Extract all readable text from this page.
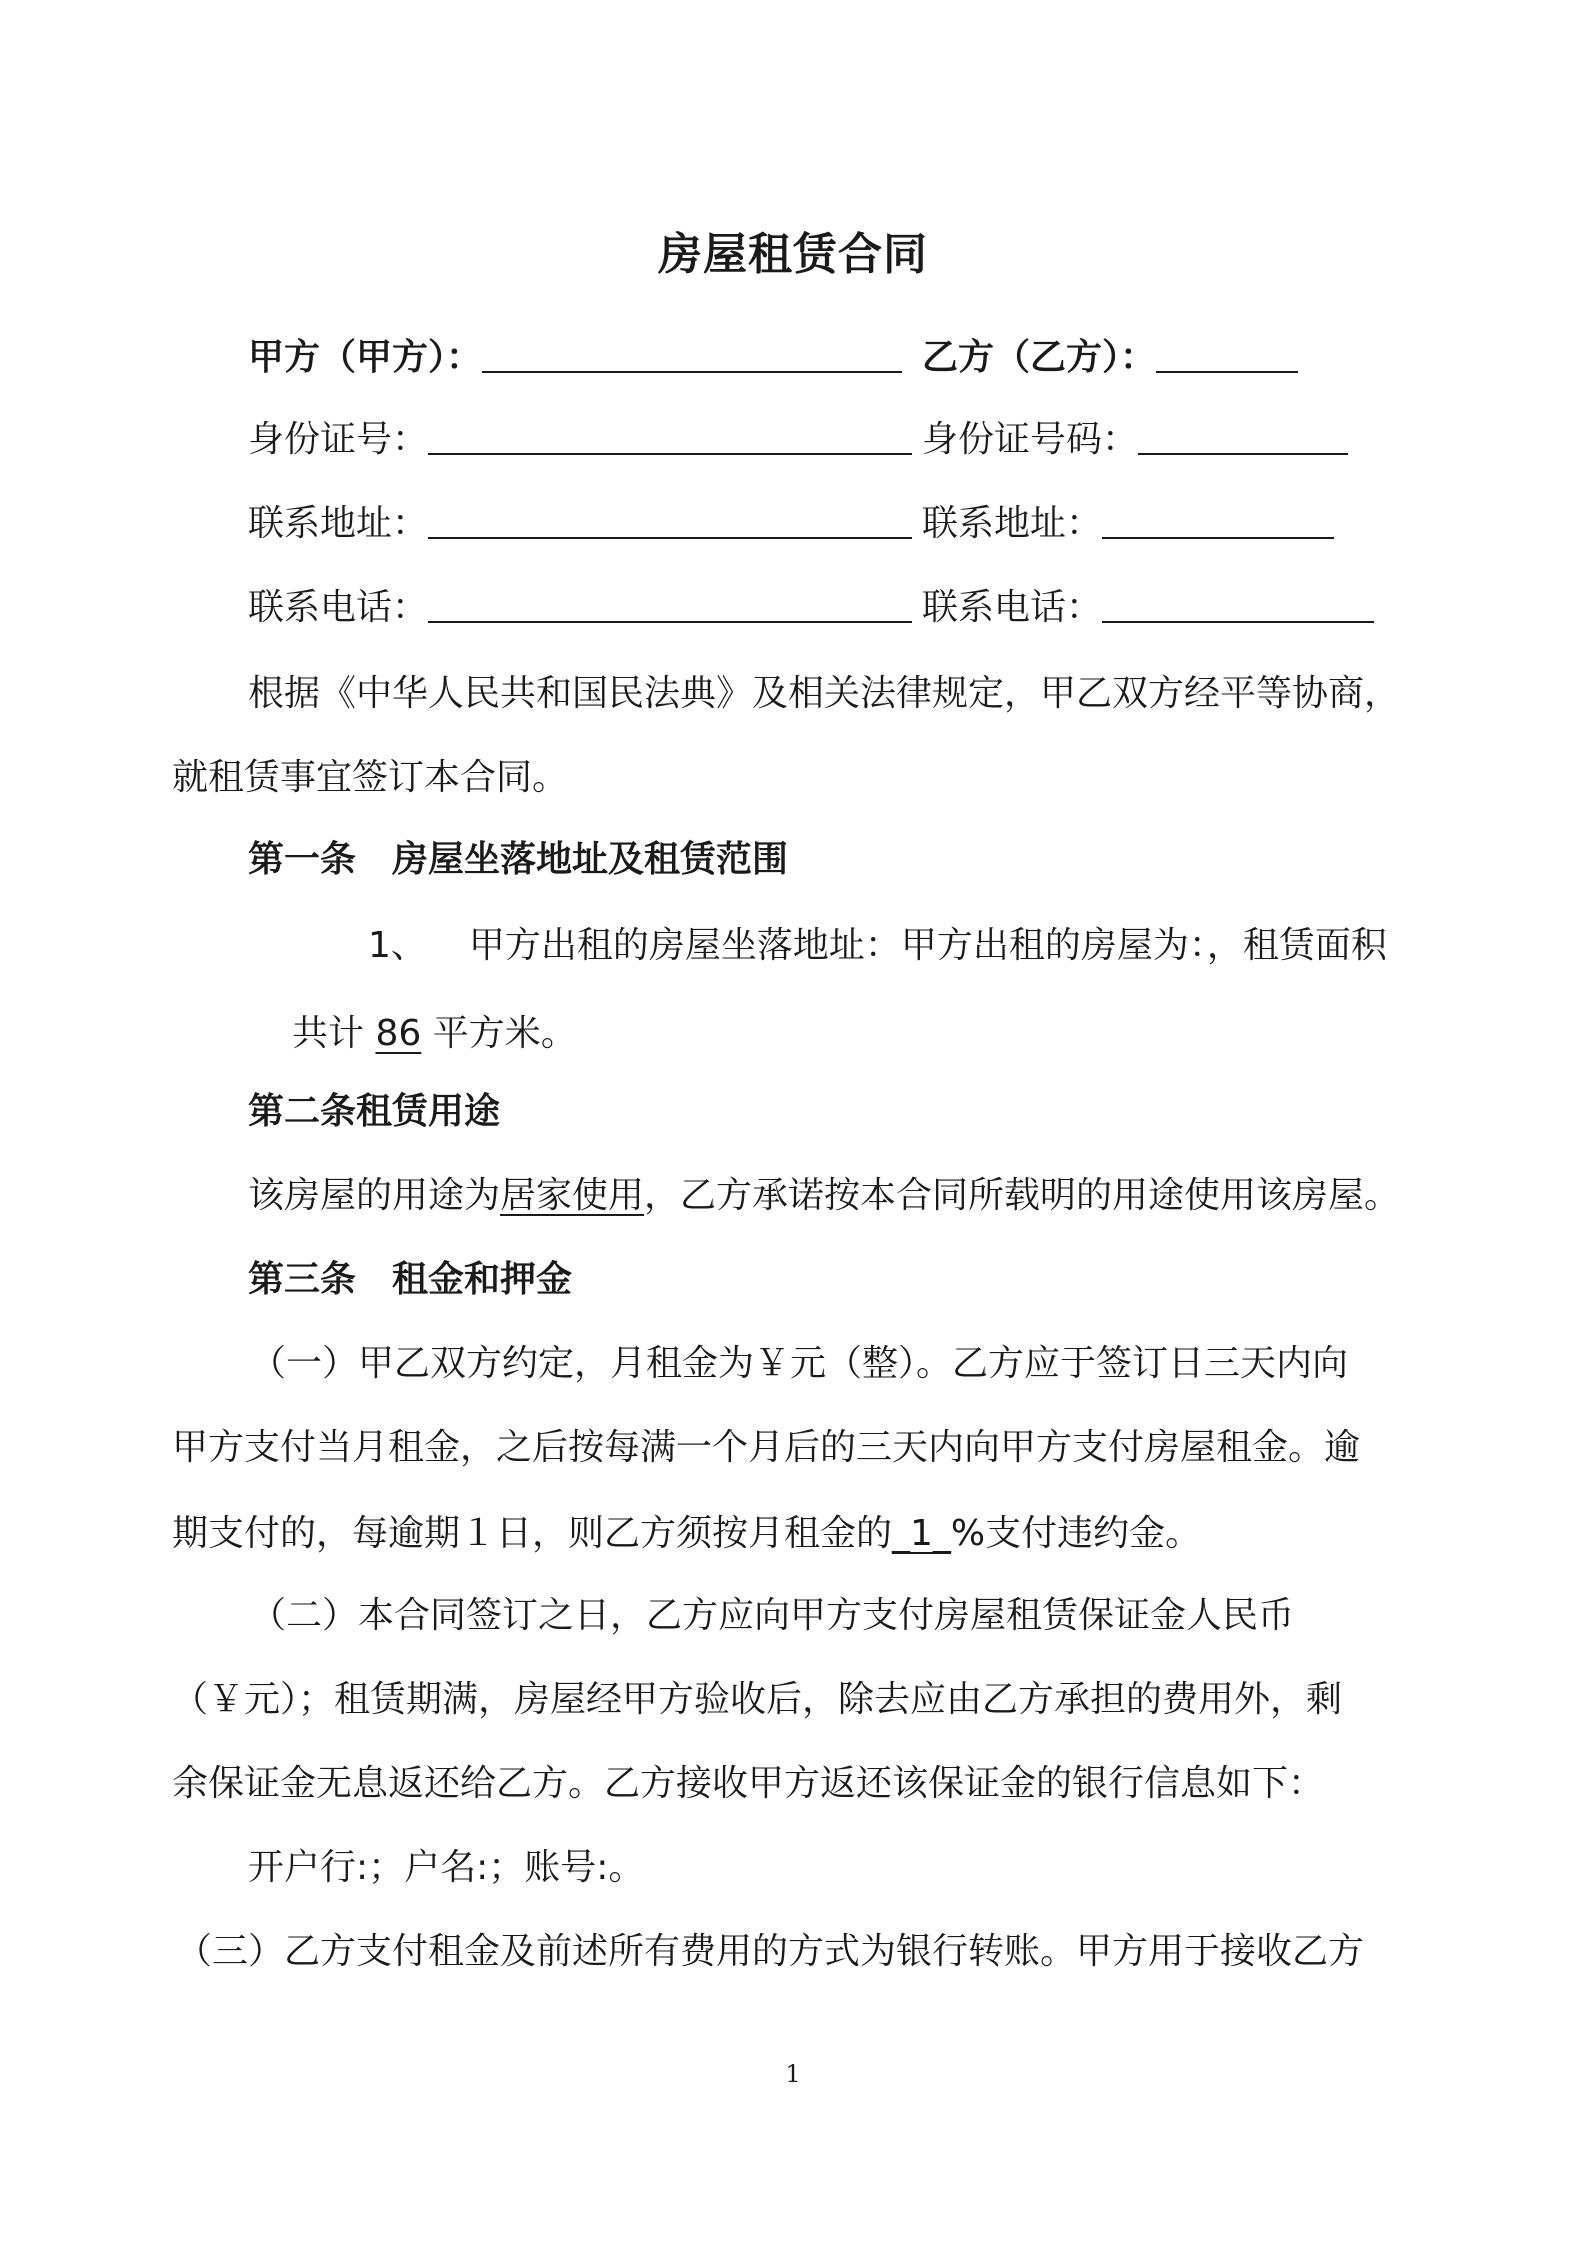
房屋租赁合同
甲方（甲方）：	乙方（乙方）：
身份证号：	身份证号码：
联系地址：	联系地址：
联系电话：	联系电话：

根据《中华人民共和国民法典》及相关法律规定，甲乙双方经平等协商，

就租赁事宜签订本合同。

第一条　房屋坐落地址及租赁范围

1、 甲方出租的房屋坐落地址：甲方出租的房屋为：，租赁面积
共计 86 平方米。

第二条租赁用途

该房屋的用途为居家使用，乙方承诺按本合同所载明的用途使用该房屋。

第三条　租金和押金

（一）甲乙双方约定，月租金为￥元（整）。乙方应于签订日三天内向

甲方支付当月租金，之后按每满一个月后的三天内向甲方支付房屋租金。逾

期支付的，每逾期１日，则乙方须按月租金的_1_%支付违约金。

（二）本合同签订之日，乙方应向甲方支付房屋租赁保证金人民币

（￥元）；租赁期满，房屋经甲方验收后，除去应由乙方承担的费用外，剩

余保证金无息返还给乙方。乙方接收甲方返还该保证金的银行信息如下：

开户行:；户名:；账号:。

（三）乙方支付租金及前述所有费用的方式为银行转账。甲方用于接收乙方

1
